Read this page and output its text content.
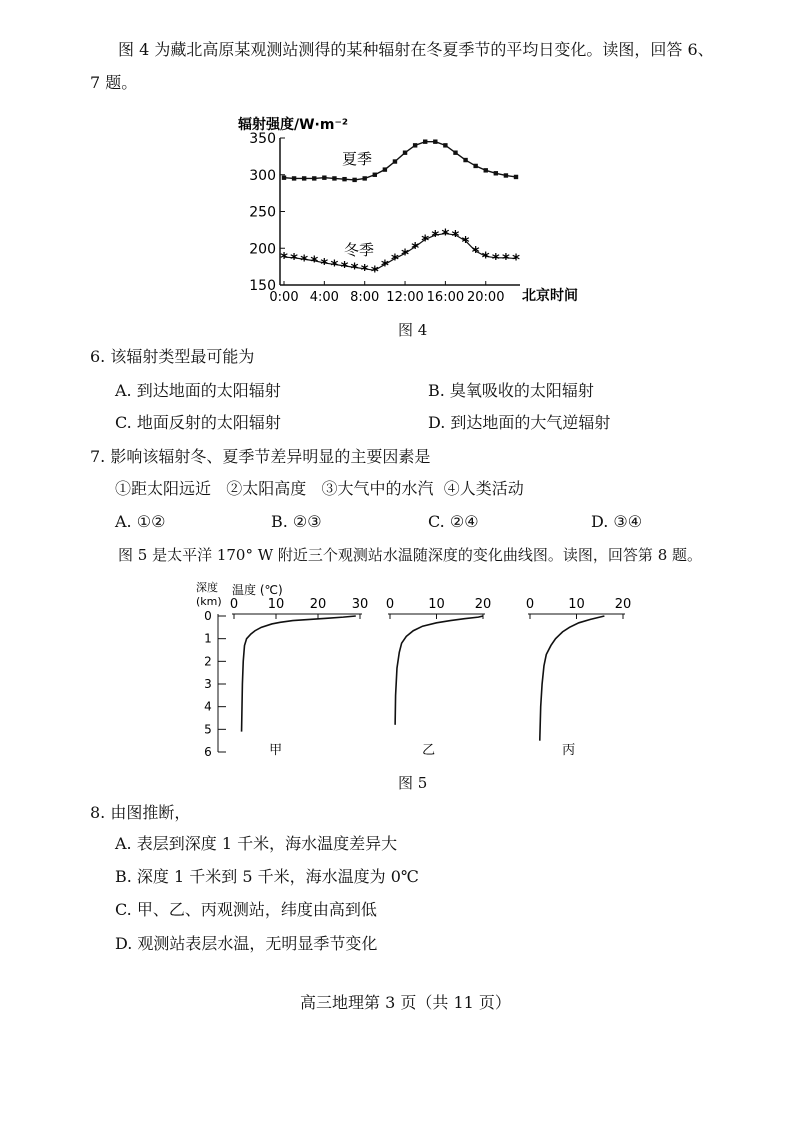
图 4 为藏北高原某观测站测得的某种辐射在冬夏季节的平均日变化。读图，回答 6、
7 题。
辐射强度/W·m⁻²
350
300
250
200
150
0:00 4:00 8:00 12:00 16:00 20:00 北京时间
* * * * * * * * * * * * * * * * * * *
* * * * *
夏季
冬季
图 4
6. 该辐射类型最可能为
A. 到达地面的太阳辐射	B. 臭氧吸收的太阳辐射
C. 地面反射的太阳辐射	D. 到达地面的大气逆辐射
7. 影响该辐射冬、夏季节差异明显的主要因素是
①距太阳远近   ②太阳高度   ③大气中的水汽  ④人类活动
A. ①②	B. ②③	C. ②④	D. ③④
图 5 是太平洋 170° W 附近三个观测站水温随深度的变化曲线图。读图，回答第 8 题。
深度
(km)
温度 (℃)
0
1
2
3
4
5
6
0 10 20 30
甲
0	10 20
乙
0	10 20
丙
图 5
8. 由图推断，
A. 表层到深度 1 千米，海水温度差异大
B. 深度 1 千米到 5 千米，海水温度为 0℃
C. 甲、乙、丙观测站，纬度由高到低
D. 观测站表层水温，无明显季节变化
高三地理第 3 页（共 11 页）
